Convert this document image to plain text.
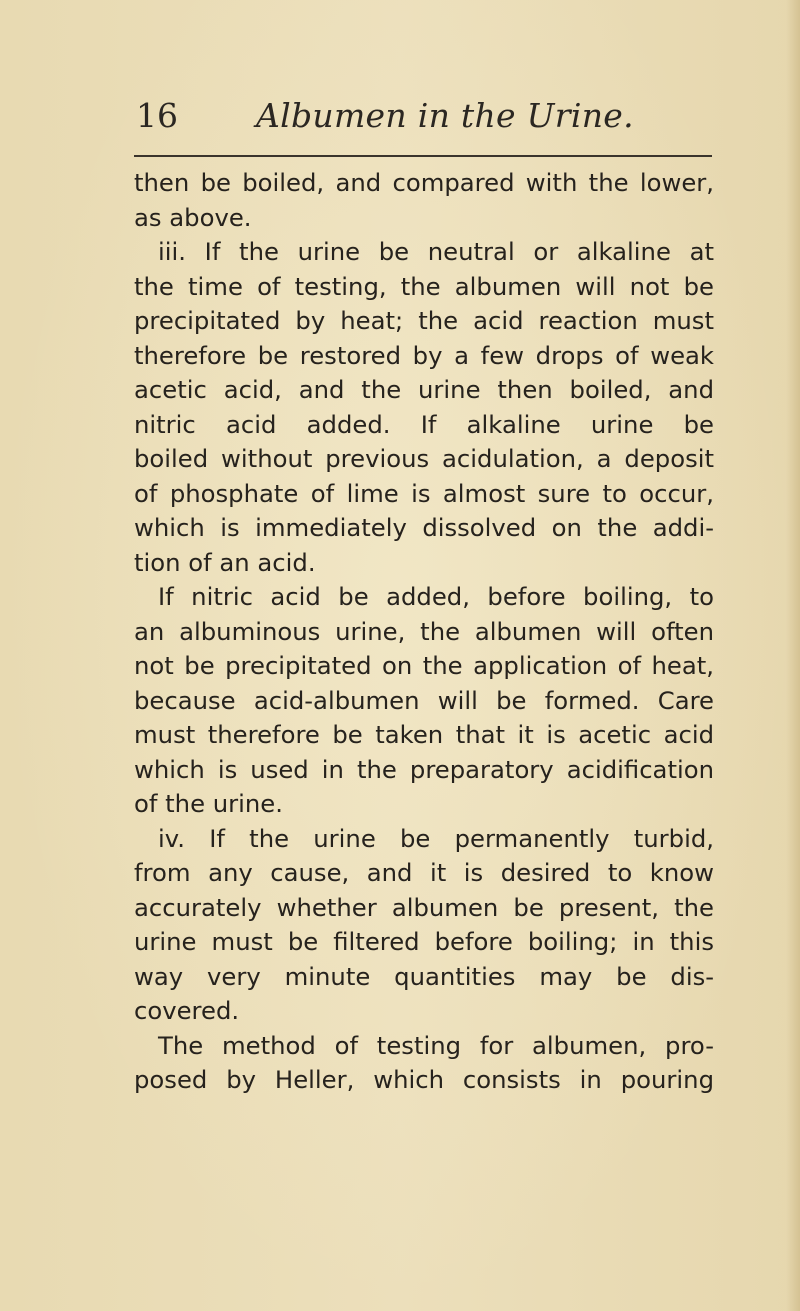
16 Albumen in the Urine.
then be boiled, and compared with the lower,
as above.
iii. If the urine be neutral or alkaline at
the time of testing, the albumen will not be
precipitated by heat; the acid reaction must
therefore be restored by a few drops of weak
acetic acid, and the urine then boiled, and
nitric acid added. If alkaline urine be
boiled without previous acidulation, a deposit
of phosphate of lime is almost sure to occur,
which is immediately dissolved on the addi-
tion of an acid.
If nitric acid be added, before boiling, to
an albuminous urine, the albumen will often
not be precipitated on the application of heat,
because acid-albumen will be formed. Care
must therefore be taken that it is acetic acid
which is used in the preparatory acidification
of the urine.
iv. If the urine be permanently turbid,
from any cause, and it is desired to know
accurately whether albumen be present, the
urine must be filtered before boiling; in this
way very minute quantities may be dis-
covered.
The method of testing for albumen, pro-
posed by Heller, which consists in pouring
